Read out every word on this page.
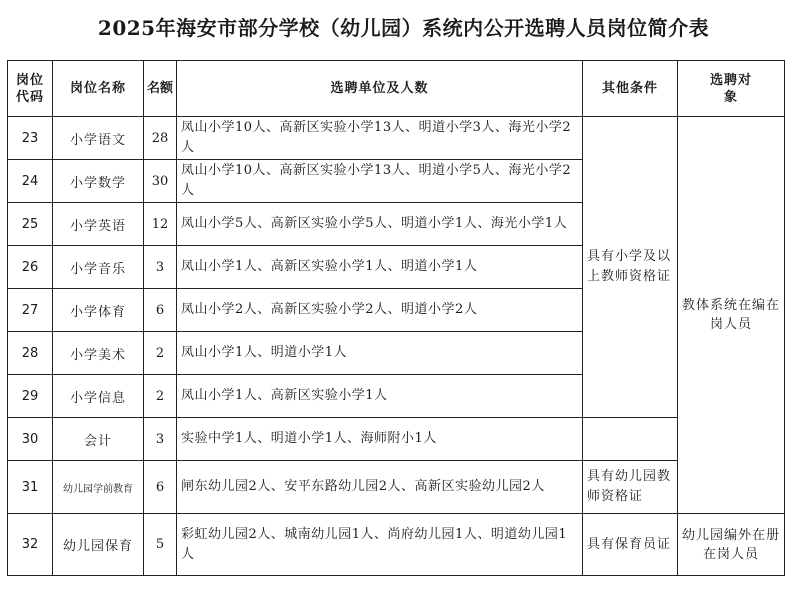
2025年海安市部分学校（幼儿园）系统内公开选聘人员岗位简介表
岗位代码	岗位名称	名额	选聘单位及人数	其他条件	选聘对象
23	小学语文	28	凤山小学10人、高新区实验小学13人、明道小学3人、海光小学2人	具有小学及以上教师资格证	教体系统在编在岗人员
24	小学数学	30	凤山小学10人、高新区实验小学13人、明道小学5人、海光小学2人		
25	小学英语	12	凤山小学5人、高新区实验小学5人、明道小学1人、海光小学1人		
26	小学音乐	3	凤山小学1人、高新区实验小学1人、明道小学1人		
27	小学体育	6	凤山小学2人、高新区实验小学2人、明道小学2人		
28	小学美术	2	凤山小学1人、明道小学1人		
29	小学信息	2	凤山小学1人、高新区实验小学1人		
30	会计	3	实验中学1人、明道小学1人、海师附小1人		
31	幼儿园学前教育	6	闸东幼儿园2人、安平东路幼儿园2人、高新区实验幼儿园2人	具有幼儿园教师资格证	
32	幼儿园保育	5	彩虹幼儿园2人、城南幼儿园1人、尚府幼儿园1人、明道幼儿园1人	具有保育员证	幼儿园编外在册在岗人员
